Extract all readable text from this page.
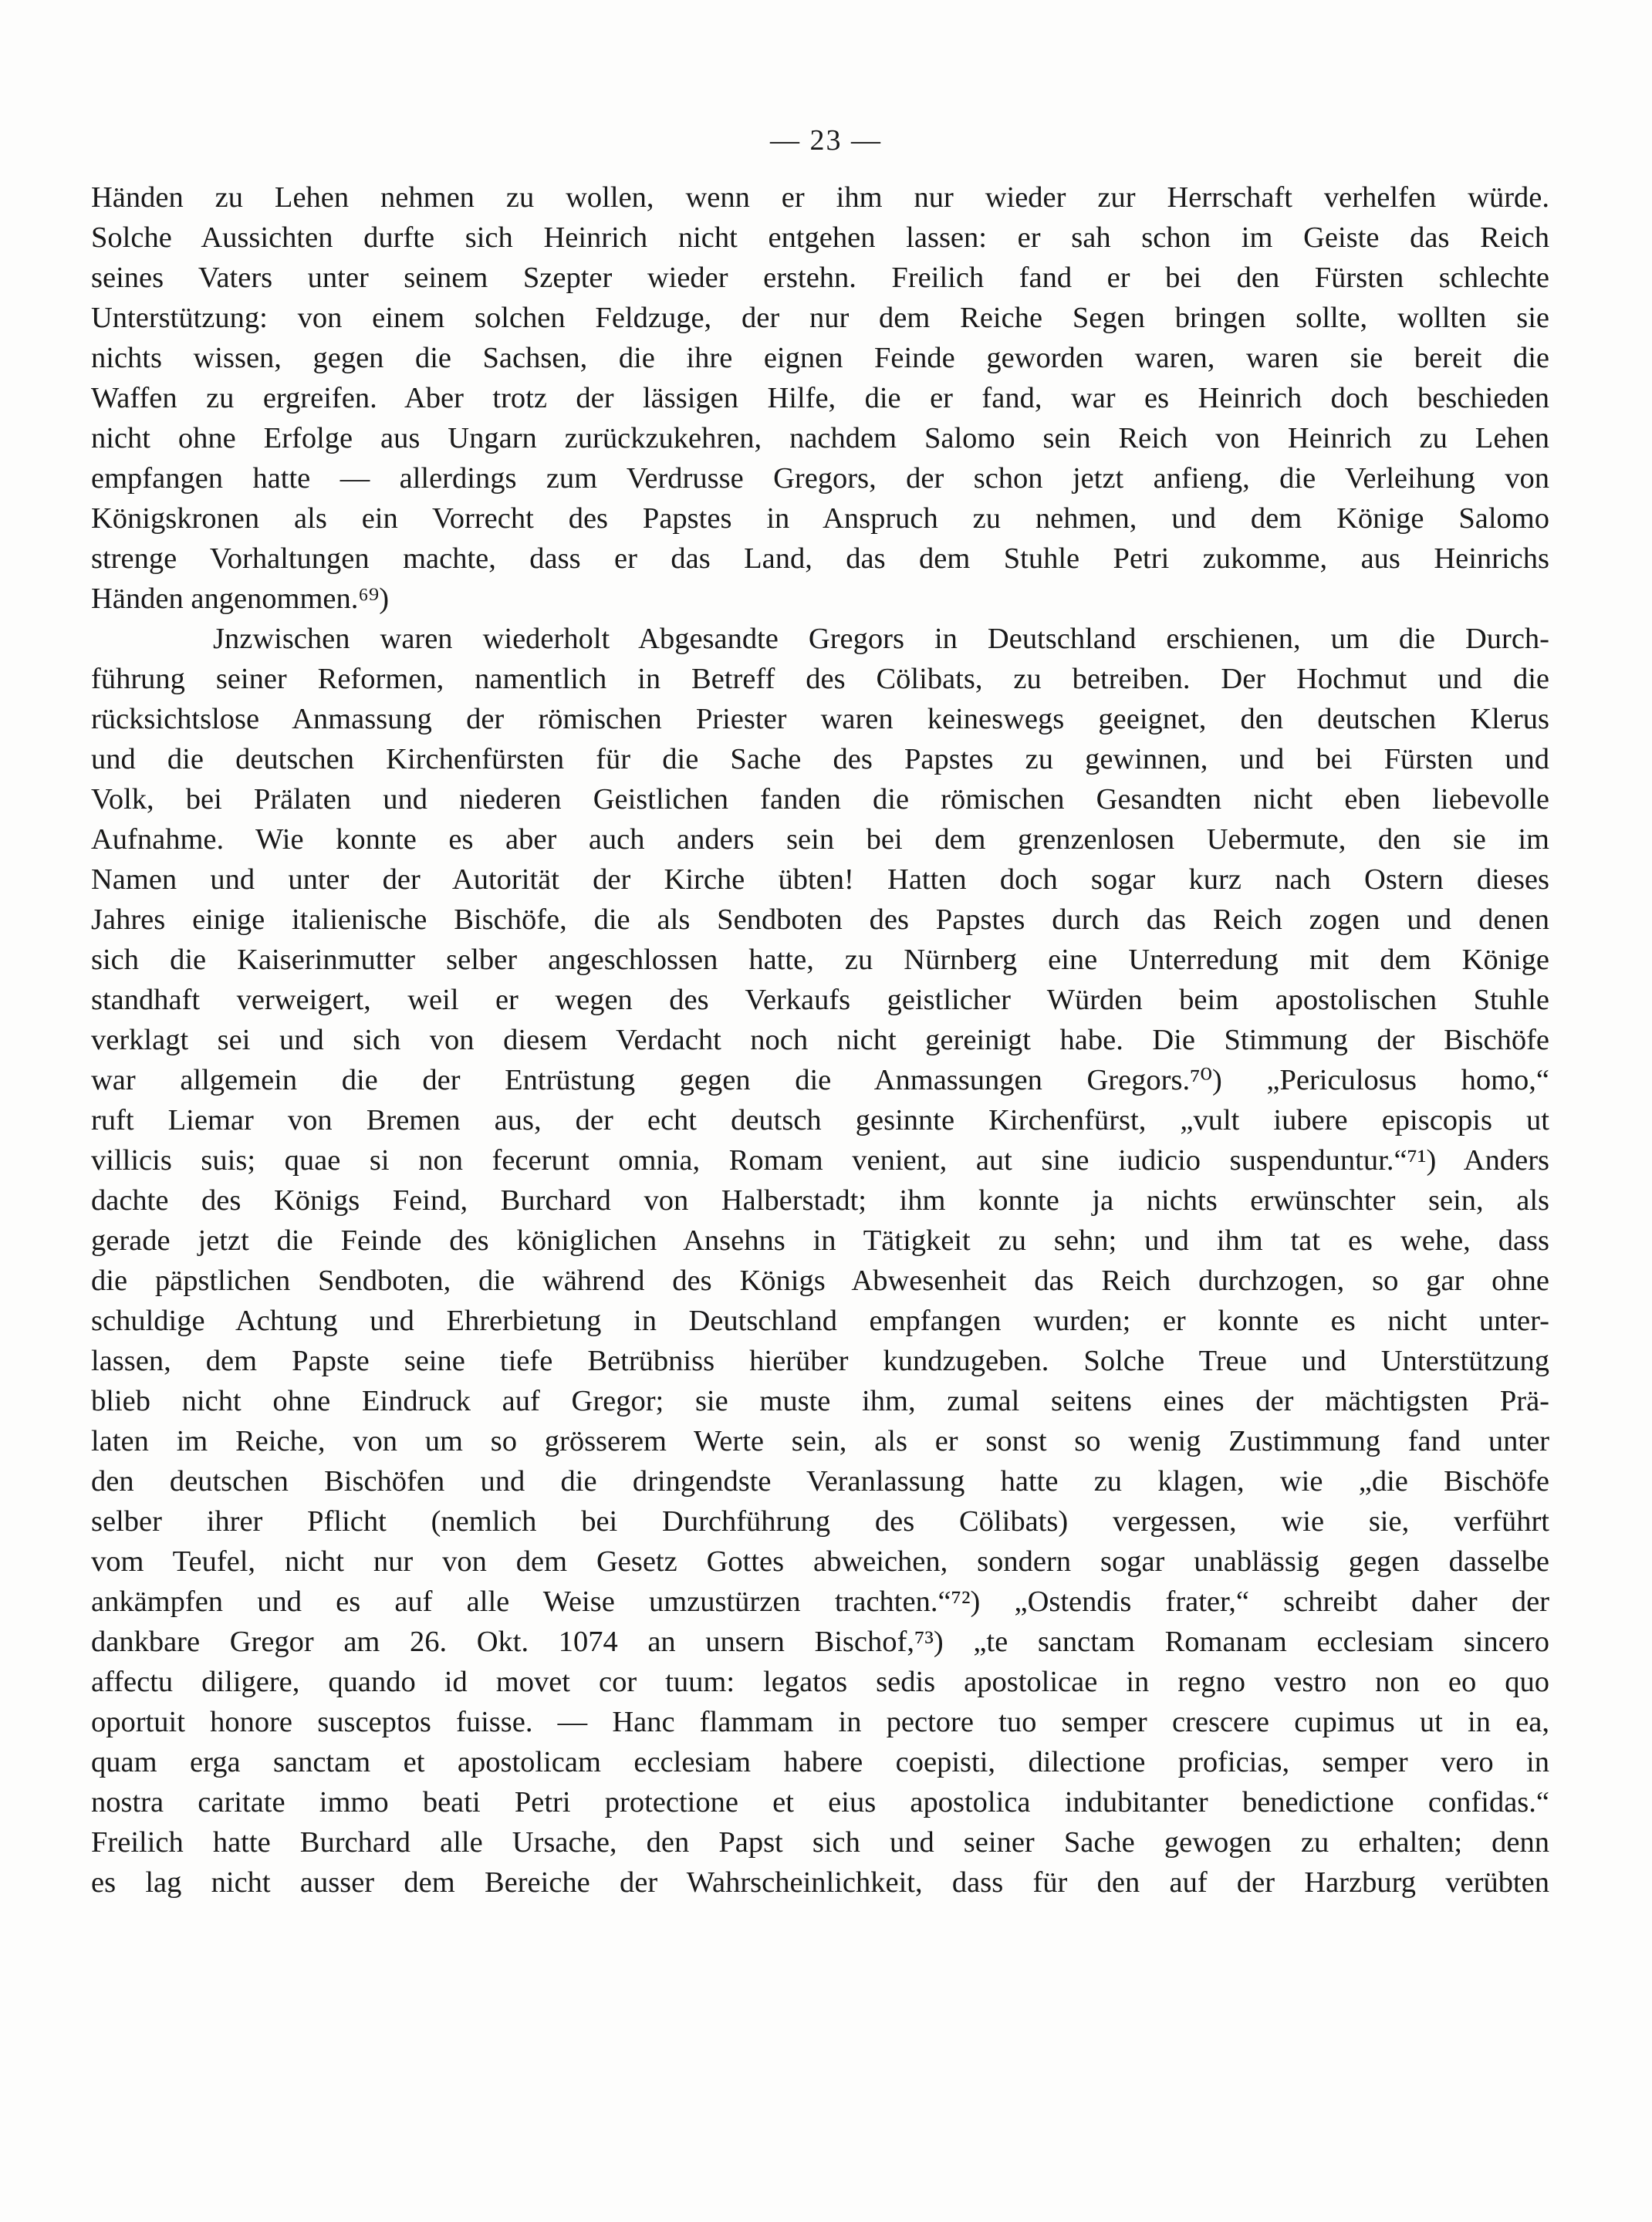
— 23 —
Händen zu Lehen nehmen zu wollen, wenn er ihm nur wieder zur Herrschaft verhelfen würde.
Solche Aussichten durfte sich Heinrich nicht entgehen lassen: er sah schon im Geiste das Reich
seines Vaters unter seinem Szepter wieder erstehn. Freilich fand er bei den Fürsten schlechte
Unterstützung: von einem solchen Feldzuge, der nur dem Reiche Segen bringen sollte, wollten sie
nichts wissen, gegen die Sachsen, die ihre eignen Feinde geworden waren, waren sie bereit die
Waffen zu ergreifen. Aber trotz der lässigen Hilfe, die er fand, war es Heinrich doch beschieden
nicht ohne Erfolge aus Ungarn zurückzukehren, nachdem Salomo sein Reich von Heinrich zu Lehen
empfangen hatte — allerdings zum Verdrusse Gregors, der schon jetzt anfieng, die Verleihung von
Königskronen als ein Vorrecht des Papstes in Anspruch zu nehmen, und dem Könige Salomo
strenge Vorhaltungen machte, dass er das Land, das dem Stuhle Petri zukomme, aus Heinrichs
Händen angenommen.⁶⁹)
Jnzwischen waren wiederholt Abgesandte Gregors in Deutschland erschienen, um die Durch-
führung seiner Reformen, namentlich in Betreff des Cölibats, zu betreiben. Der Hochmut und die
rücksichtslose Anmassung der römischen Priester waren keineswegs geeignet, den deutschen Klerus
und die deutschen Kirchenfürsten für die Sache des Papstes zu gewinnen, und bei Fürsten und
Volk, bei Prälaten und niederen Geistlichen fanden die römischen Gesandten nicht eben liebevolle
Aufnahme. Wie konnte es aber auch anders sein bei dem grenzenlosen Uebermute, den sie im
Namen und unter der Autorität der Kirche übten! Hatten doch sogar kurz nach Ostern dieses
Jahres einige italienische Bischöfe, die als Sendboten des Papstes durch das Reich zogen und denen
sich die Kaiserinmutter selber angeschlossen hatte, zu Nürnberg eine Unterredung mit dem Könige
standhaft verweigert, weil er wegen des Verkaufs geistlicher Würden beim apostolischen Stuhle
verklagt sei und sich von diesem Verdacht noch nicht gereinigt habe. Die Stimmung der Bischöfe
war allgemein die der Entrüstung gegen die Anmassungen Gregors.⁷⁰) „Periculosus homo,“
ruft Liemar von Bremen aus, der echt deutsch gesinnte Kirchenfürst, „vult iubere episcopis ut
villicis suis; quae si non fecerunt omnia, Romam venient, aut sine iudicio suspenduntur.“⁷¹) Anders
dachte des Königs Feind, Burchard von Halberstadt; ihm konnte ja nichts erwünschter sein, als
gerade jetzt die Feinde des königlichen Ansehns in Tätigkeit zu sehn; und ihm tat es wehe, dass
die päpstlichen Sendboten, die während des Königs Abwesenheit das Reich durchzogen, so gar ohne
schuldige Achtung und Ehrerbietung in Deutschland empfangen wurden; er konnte es nicht unter-
lassen, dem Papste seine tiefe Betrübniss hierüber kundzugeben. Solche Treue und Unterstützung
blieb nicht ohne Eindruck auf Gregor; sie muste ihm, zumal seitens eines der mächtigsten Prä-
laten im Reiche, von um so grösserem Werte sein, als er sonst so wenig Zustimmung fand unter
den deutschen Bischöfen und die dringendste Veranlassung hatte zu klagen, wie „die Bischöfe
selber ihrer Pflicht (nemlich bei Durchführung des Cölibats) vergessen, wie sie, verführt
vom Teufel, nicht nur von dem Gesetz Gottes abweichen, sondern sogar unablässig gegen dasselbe
ankämpfen und es auf alle Weise umzustürzen trachten.“⁷²) „Ostendis frater,“ schreibt daher der
dankbare Gregor am 26. Okt. 1074 an unsern Bischof,⁷³) „te sanctam Romanam ecclesiam sincero
affectu diligere, quando id movet cor tuum: legatos sedis apostolicae in regno vestro non eo quo
oportuit honore susceptos fuisse. — Hanc flammam in pectore tuo semper crescere cupimus ut in ea,
quam erga sanctam et apostolicam ecclesiam habere coepisti, dilectione proficias, semper vero in
nostra caritate immo beati Petri protectione et eius apostolica indubitanter benedictione confidas.“
Freilich hatte Burchard alle Ursache, den Papst sich und seiner Sache gewogen zu erhalten; denn
es lag nicht ausser dem Bereiche der Wahrscheinlichkeit, dass für den auf der Harzburg verübten
